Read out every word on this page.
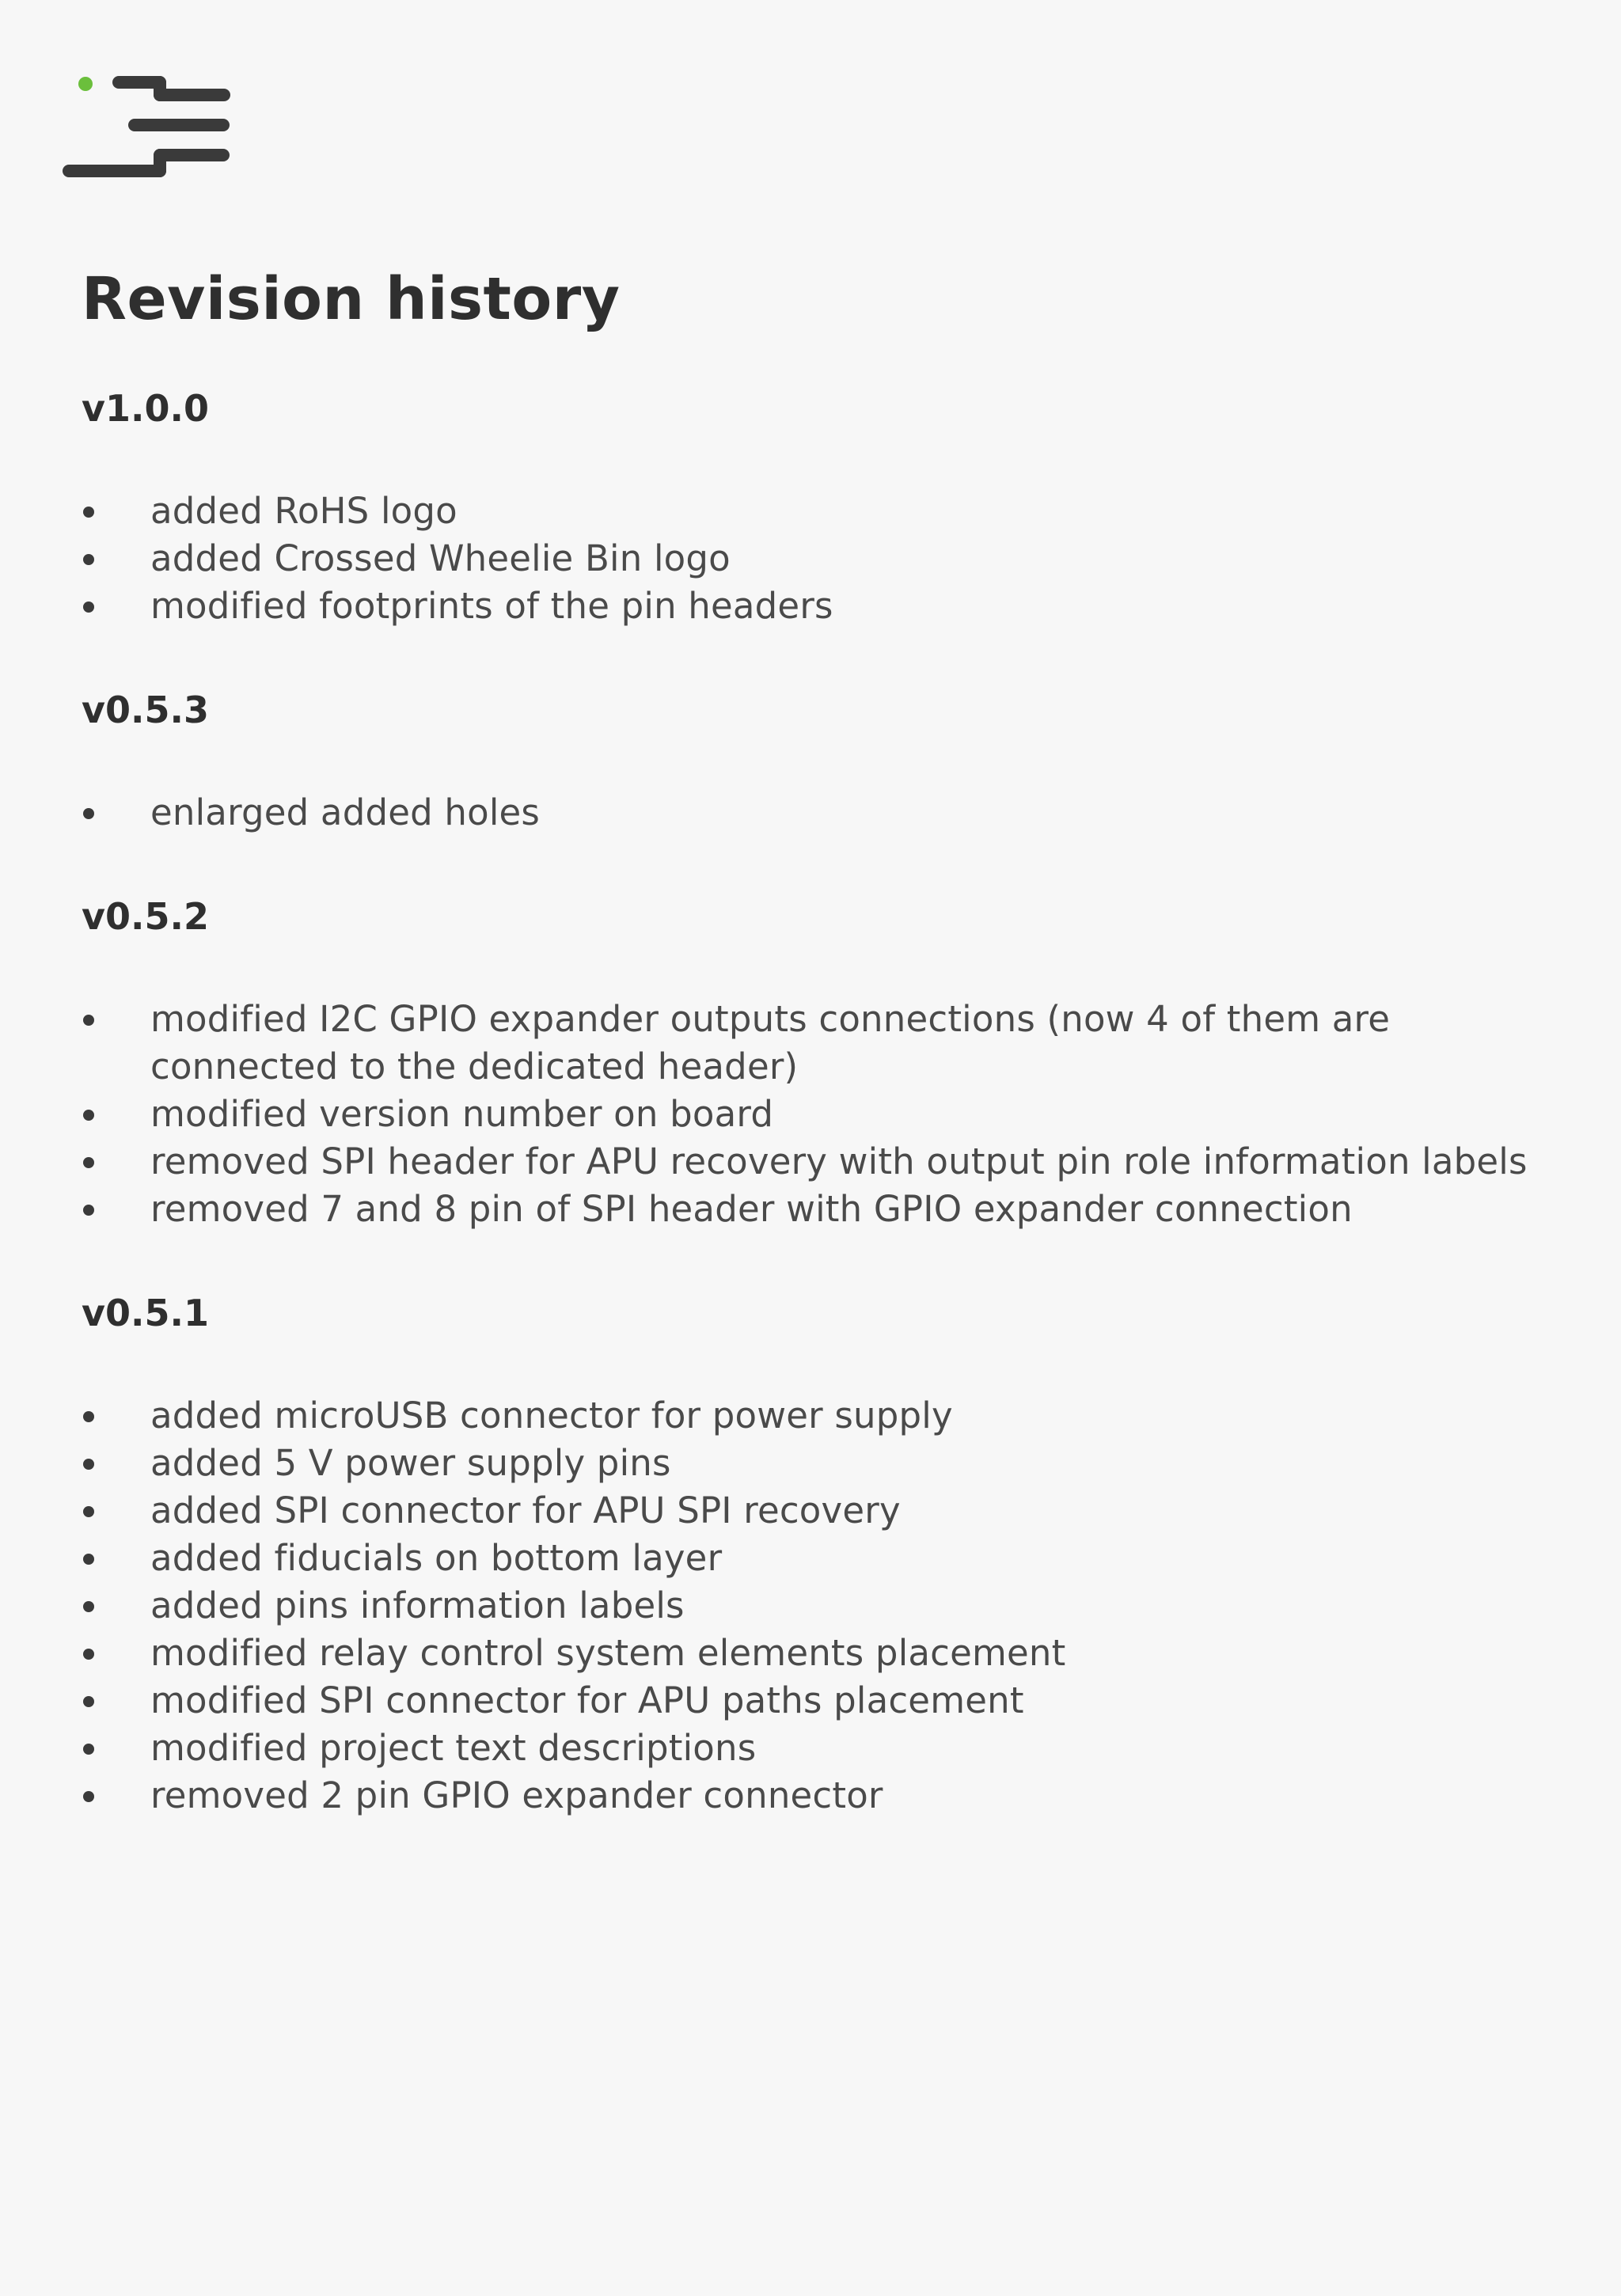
Revision history
v1.0.0
added RoHS logo
added Crossed Wheelie Bin logo
modified footprints of the pin headers
v0.5.3
enlarged added holes
v0.5.2
modified I2C GPIO expander outputs connections (now 4 of them are connected to the dedicated header)
modified version number on board
removed SPI header for APU recovery with output pin role information labels
removed 7 and 8 pin of SPI header with GPIO expander connection
v0.5.1
added microUSB connector for power supply
added 5 V power supply pins
added SPI connector for APU SPI recovery
added fiducials on bottom layer
added pins information labels
modified relay control system elements placement
modified SPI connector for APU paths placement
modified project text descriptions
removed 2 pin GPIO expander connector
